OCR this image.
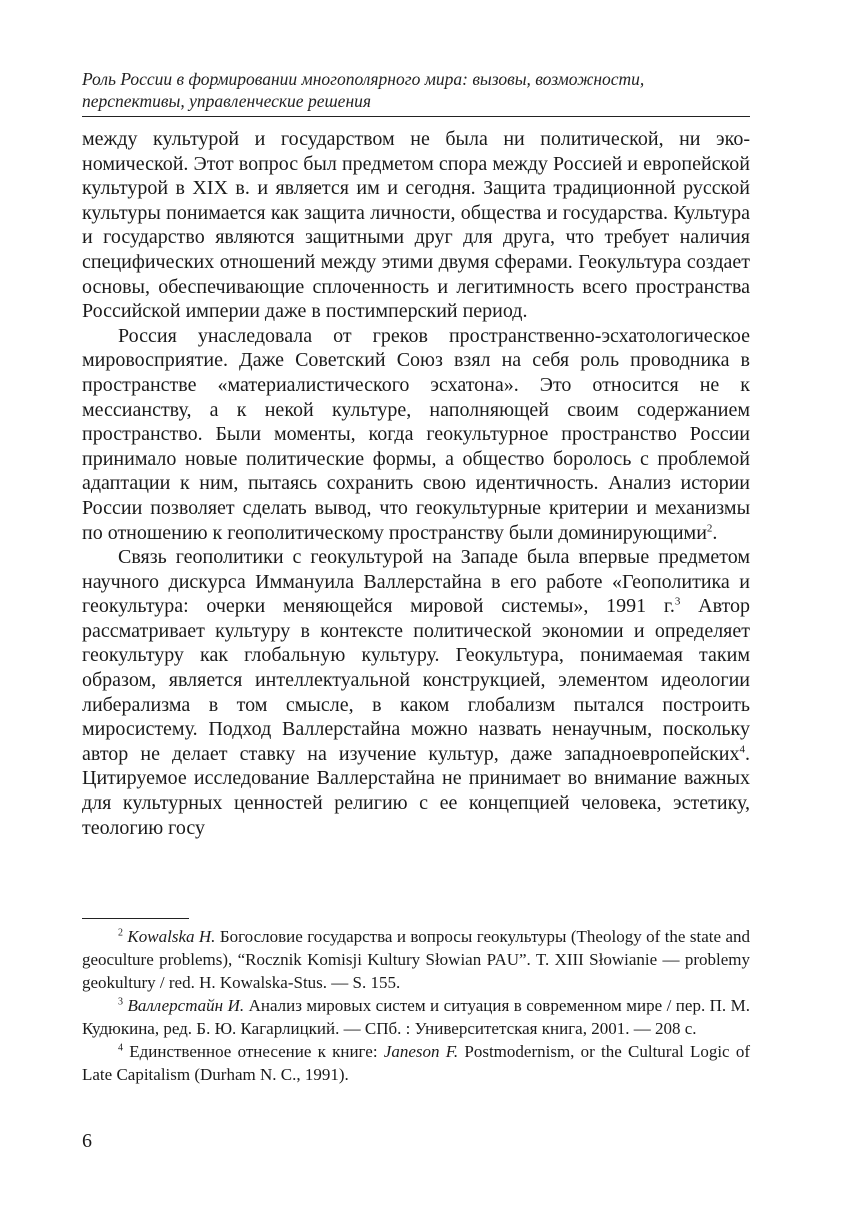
Роль России в формировании многополярного мира: вызовы, возможности,
перспективы, управленческие решения

между культурой и государством не была ни политической, ни экономической. Этот вопрос был предметом спора между Россией и европейской культурой в XIX в. и является им и сегодня. Защита традиционной русской культуры понимается как защита личности, общества и государства. Культура и государство являются защитными друг для друга, что требует наличия специфических отношений между этими двумя сферами. Геокультура создает основы, обеспечивающие сплоченность и легитимность всего пространства Российской империи даже в постимперский период.

Россия унаследовала от греков пространственно-эсхатологическое мировосприятие. Даже Советский Союз взял на себя роль проводника в пространстве «материалистического эсхатона». Это относится не к мессианству, а к некой культуре, наполняющей своим содержанием пространство. Были моменты, когда геокультурное пространство России принимало новые политические формы, а общество боролось с проблемой адаптации к ним, пытаясь сохранить свою идентичность. Анализ истории России позволяет сделать вывод, что геокультурные критерии и механизмы по отношению к геополитическому пространству были доминирующими$^2$.

Связь геополитики с геокультурой на Западе была впервые предметом научного дискурса Иммануила Валлерстайна в его работе «Геополитика и геокультура: очерки меняющейся мировой системы», 1991 г.$^3$ Автор рассматривает культуру в контексте политической экономии и определяет геокультуру как глобальную культуру. Геокультура, понимаемая таким образом, является интеллектуальной конструкцией, элементом идеологии либерализма в том смысле, в каком глобализм пытался построить миросистему. Подход Валлерстайна можно назвать ненаучным, поскольку автор не делает ставку на изучение культур, даже западноевропейских$^4$. Цитируемое исследование Валлерстайна не принимает во внимание важных для культурных ценностей религию с ее концепцией человека, эстетику, теологию госу

$^2$ Kowalska H. Богословие государства и вопросы геокультуры (Theology of the state and geoculture problems), “Rocznik Komisji Kultury Słowian PAU”. T. XIII Słowianie — problemy geokultury / red. H. Kowalska-Stus. — S. 155.

$^3$ Валлерстайн И. Анализ мировых систем и ситуация в современном мире / пер. П. М. Кудюкина, ред. Б. Ю. Кагарлицкий. — СПб. : Университетская книга, 2001. — 208 с.

$^4$ Единственное отнесение к книге: Janeson F. Postmodernism, or the Cultural Logic of Late Capitalism (Durham N. C., 1991).

6
